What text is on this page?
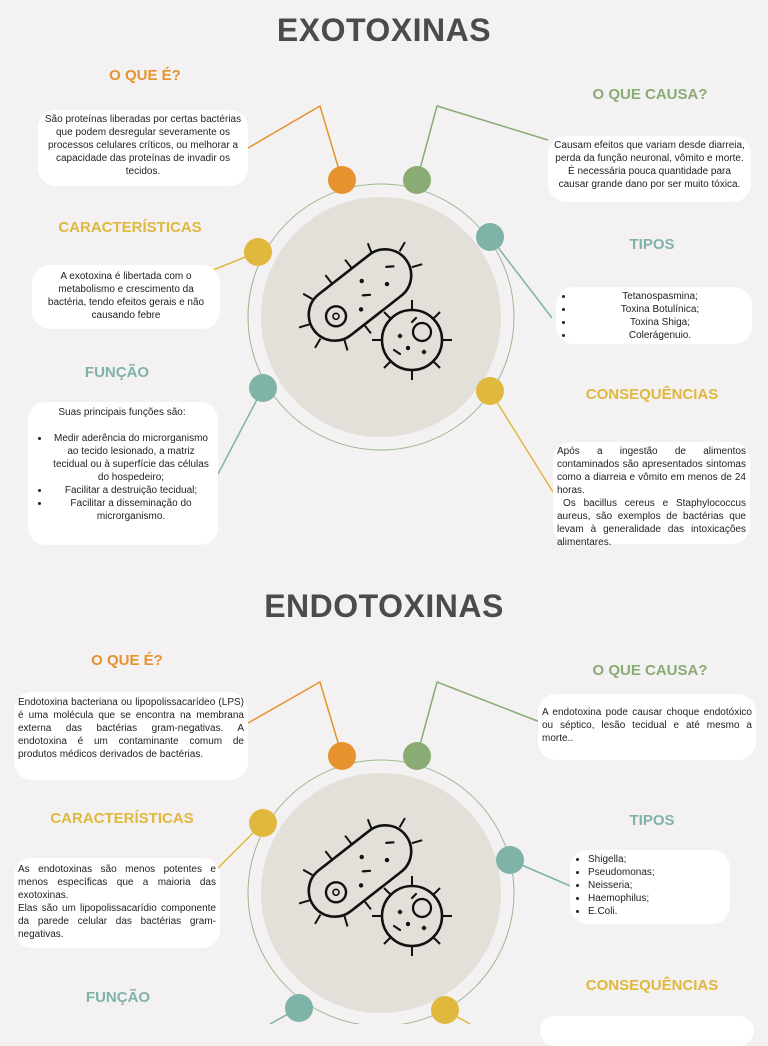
EXOTOXINAS
O QUE É?

São proteínas liberadas por certas bactérias que podem desregular severamente os processos celulares críticos, ou melhorar a capacidade das proteínas de invadir os tecidos.

O QUE CAUSA?

Causam efeitos que variam desde diarreia, perda da função neuronal, vômito e morte.

É necessária pouca quantidade para causar grande dano por ser muito tóxica.

CARACTERÍSTICAS

A exotoxina é libertada com o metabolismo e crescimento da bactéria, tendo efeitos gerais e não causando febre

TIPOS
• Tetanospasmina;
• Toxina Botulínica;
• Toxina Shiga;
• Colerágenuio.
FUNÇÃO

Suas principais funções são:

• Medir aderência do microrganismo ao tecido lesionado, a matriz tecidual ou à superfície das células do hospedeiro;
• Facilitar a destruição tecidual;
• Facilitar a disseminação do microrganismo.
CONSEQUÊNCIAS

Após a ingestão de alimentos contaminados são apresentados sintomas como a diarreia e vômito em menos de 24 horas.

Os bacillus cereus e Staphylococcus aureus, são exemplos de bactérias que levam à generalidade das intoxicações alimentares.

ENDOTOXINAS
O QUE É?

Endotoxina bacteriana ou lipopolissacarídeo (LPS) é uma molécula que se encontra na membrana externa das bactérias gram-negativas. A endotoxina é um contaminante comum de produtos médicos derivados de bactérias.

O QUE CAUSA?

A endotoxina pode causar choque endotóxico ou séptico, lesão tecidual e até mesmo a morte..

CARACTERÍSTICAS

As endotoxinas são menos potentes e menos específicas que a maioria das exotoxinas.

Elas são um lipopolissacarídio componente da parede celular das bactérias gram-negativas.

TIPOS
• Shigella;
• Pseudomonas;
• Neisseria;
• Haemophilus;
• E.Coli.
FUNÇÃO
CONSEQUÊNCIAS
